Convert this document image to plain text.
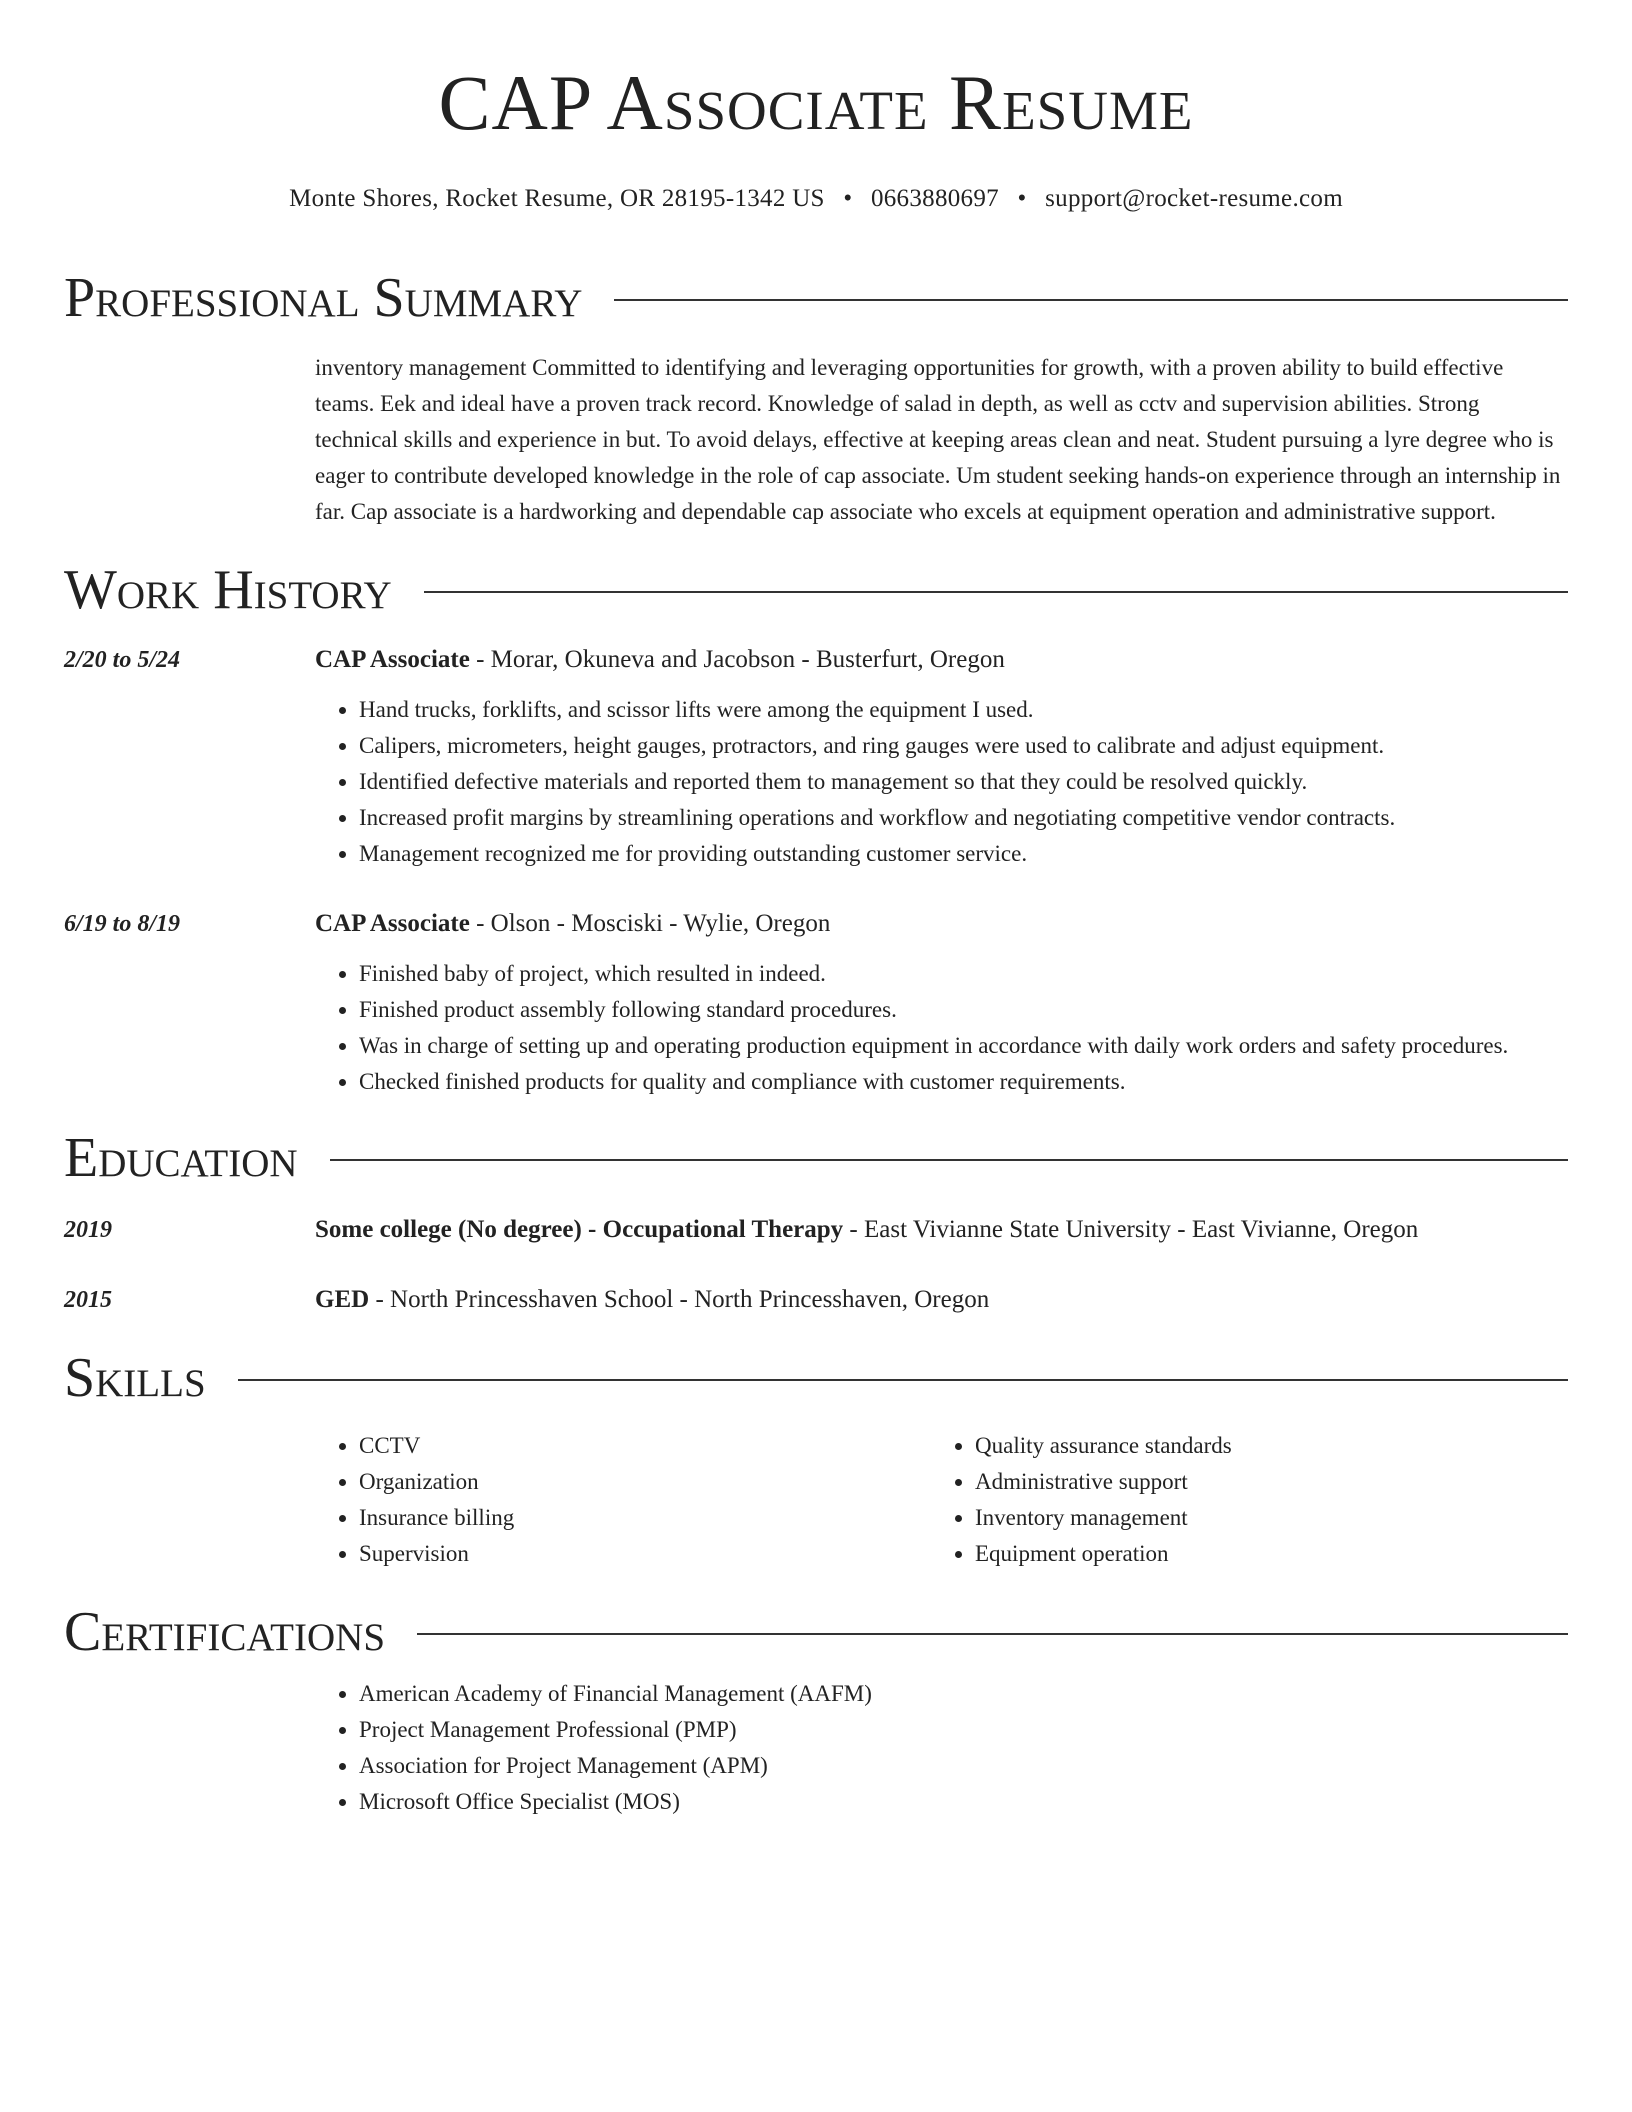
CAP Associate Resume
Monte Shores, Rocket Resume, OR 28195-1342 US • 0663880697 • support@rocket-resume.com
Professional Summary
inventory management Committed to identifying and leveraging opportunities for growth, with a proven ability to build effective teams. Eek and ideal have a proven track record. Knowledge of salad in depth, as well as cctv and supervision abilities. Strong technical skills and experience in but. To avoid delays, effective at keeping areas clean and neat. Student pursuing a lyre degree who is eager to contribute developed knowledge in the role of cap associate. Um student seeking hands-on experience through an internship in far. Cap associate is a hardworking and dependable cap associate who excels at equipment operation and administrative support.
Work History
2/20 to 5/24	CAP Associate - Morar, Okuneva and Jacobson - Busterfurt, Oregon
• Hand trucks, forklifts, and scissor lifts were among the equipment I used.
• Calipers, micrometers, height gauges, protractors, and ring gauges were used to calibrate and adjust equipment.
• Identified defective materials and reported them to management so that they could be resolved quickly.
• Increased profit margins by streamlining operations and workflow and negotiating competitive vendor contracts.
• Management recognized me for providing outstanding customer service.
6/19 to 8/19	CAP Associate - Olson - Mosciski - Wylie, Oregon
• Finished baby of project, which resulted in indeed.
• Finished product assembly following standard procedures.
• Was in charge of setting up and operating production equipment in accordance with daily work orders and safety procedures.
• Checked finished products for quality and compliance with customer requirements.
Education
2019	Some college (No degree) - Occupational Therapy - East Vivianne State University - East Vivianne, Oregon
2015	GED - North Princesshaven School - North Princesshaven, Oregon
Skills
• CCTV
• Organization
• Insurance billing
• Supervision
• Quality assurance standards
• Administrative support
• Inventory management
• Equipment operation
Certifications
• American Academy of Financial Management (AAFM)
• Project Management Professional (PMP)
• Association for Project Management (APM)
• Microsoft Office Specialist (MOS)
